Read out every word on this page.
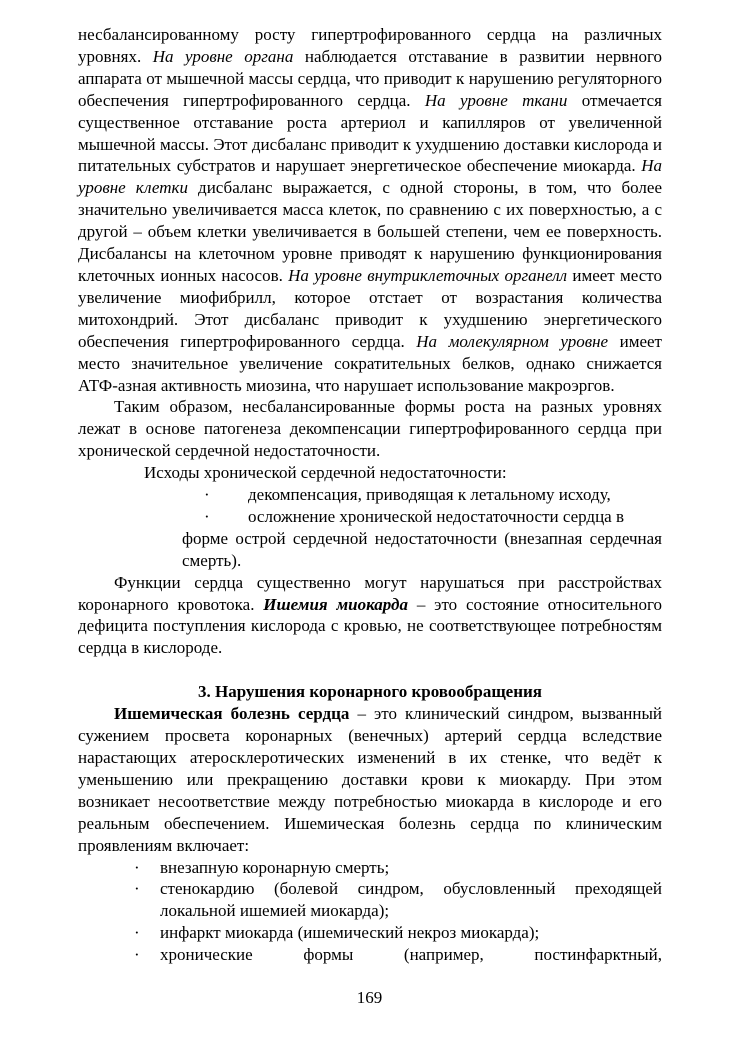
несбалансированному росту гипертрофированного сердца на различных уровнях. На уровне органа наблюдается отставание в развитии нервного аппарата от мышечной массы сердца, что приводит к нарушению регуляторного обеспечения гипертрофированного сердца. На уровне ткани отмечается существенное отставание роста артериол и капилляров от увеличенной мышечной массы. Этот дисбаланс приводит к ухудшению доставки кислорода и питательных субстратов и нарушает энергетическое обеспечение миокарда. На уровне клетки дисбаланс выражается, с одной стороны, в том, что более значительно увеличивается масса клеток, по сравнению с их поверхностью, а с другой – объем клетки увеличивается в большей степени, чем ее поверхность. Дисбалансы на клеточном уровне приводят к нарушению функционирования клеточных ионных насосов. На уровне внутриклеточных органелл имеет место увеличение миофибрилл, которое отстает от возрастания количества митохондрий. Этот дисбаланс приводит к ухудшению энергетического обеспечения гипертрофированного сердца. На молекулярном уровне имеет место значительное увеличение сократительных белков, однако снижается АТФ-азная активность миозина, что нарушает использование макроэргов.

Таким образом, несбалансированные формы роста на разных уровнях лежат в основе патогенеза декомпенсации гипертрофированного сердца при хронической сердечной недостаточности.

Исходы хронической сердечной недостаточности:

·	декомпенсация, приводящая к летальному исходу,
·	осложнение хронической недостаточности сердца в

форме острой сердечной недостаточности (внезапная сердечная смерть).

Функции сердца существенно могут нарушаться при расстройствах коронарного кровотока. Ишемия миокарда – это состояние относительного дефицита поступления кислорода с кровью, не соответствующее потребностям сердца в кислороде.

3. Нарушения коронарного кровообращения

Ишемическая болезнь сердца – это клинический синдром, вызванный сужением просвета коронарных (венечных) артерий сердца вследствие нарастающих атеросклеротических изменений в их стенке, что ведёт к уменьшению или прекращению доставки крови к миокарду. При этом возникает несоответствие между потребностью миокарда в кислороде и его реальным обеспечением. Ишемическая болезнь сердца по клиническим проявлениям включает:

·	внезапную коронарную смерть;
·	стенокардию (болевой синдром, обусловленный преходящей локальной ишемией миокарда);
·	инфаркт миокарда (ишемический некроз миокарда);
·	хронические формы (например, постинфарктный,
169
